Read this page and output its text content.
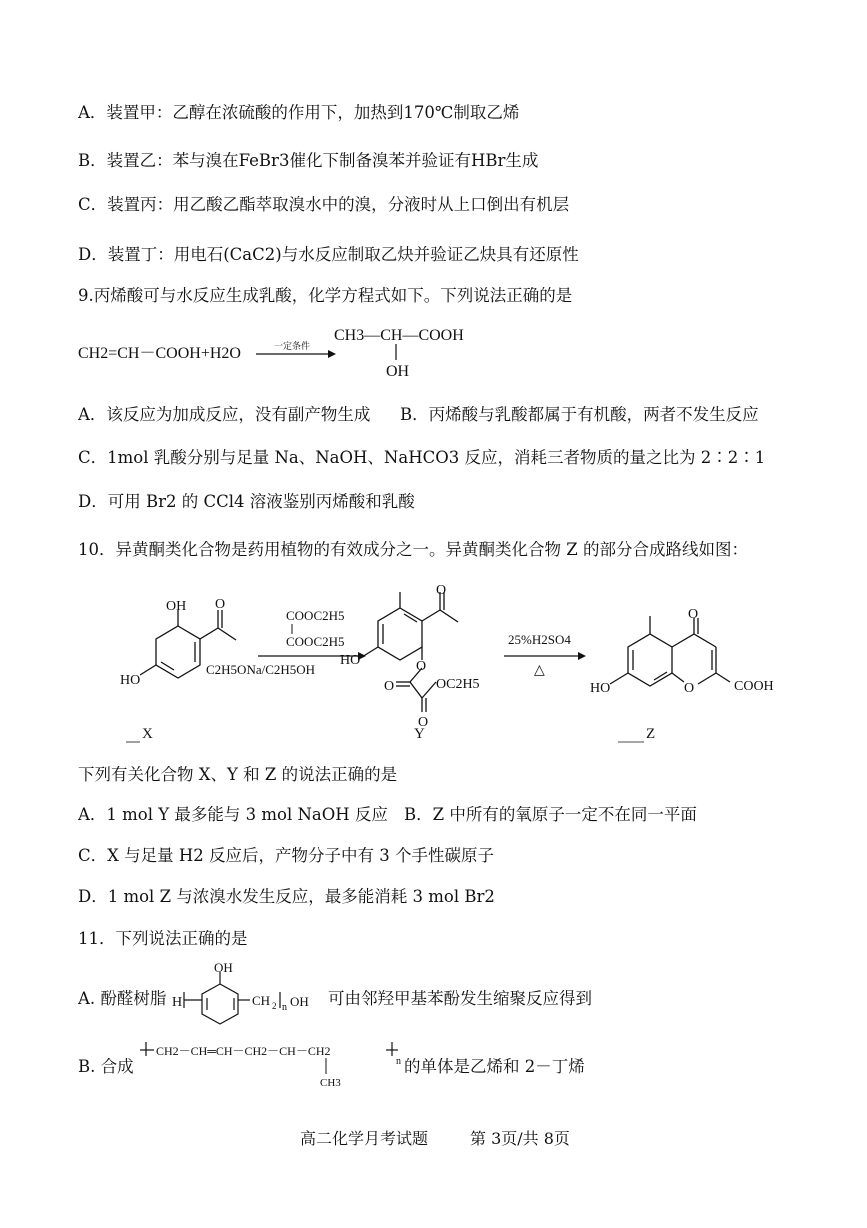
A．装置甲：乙醇在浓硫酸的作用下，加热到170℃制取乙烯
B．装置乙：苯与溴在FeBr3催化下制备溴苯并验证有HBr生成
C．装置丙：用乙酸乙酯萃取溴水中的溴，分液时从上口倒出有机层
D．装置丁：用电石(CaC2)与水反应制取乙炔并验证乙炔具有还原性
9.丙烯酸可与水反应生成乳酸，化学方程式如下。下列说法正确的是
CH2=CH－COOH+H2O	一定条件
CH3—CH—COOH
OH
A．该反应为加成反应，没有副产物生成 B．丙烯酸与乳酸都属于有机酸，两者不发生反应
C．1mol 乳酸分别与足量 Na、NaOH、NaHCO3 反应，消耗三者物质的量之比为 2∶2∶1
D．可用 Br2 的 CCl4 溶液鉴别丙烯酸和乳酸
10．异黄酮类化合物是药用植物的有效成分之一。异黄酮类化合物 Z 的部分合成路线如图：
HO
OH O
COOC2H5
COOC2H5
C2H5ONa/C2H5OH
HO	O
O
O
O
OC2H5
25%H2SO4
△
O
O
HO	COOH
X	Y	Z
下列有关化合物 X、Y 和 Z 的说法正确的是
A．1 mol Y 最多能与 3 mol NaOH 反应 B．Z 中所有的氧原子一定不在同一平面
C．X 与足量 H2 反应后，产物分子中有 3 个手性碳原子
D．1 mol Z 与浓溴水发生反应，最多能消耗 3 mol Br2
11．下列说法正确的是
A. 酚醛树脂 H
OH
CH 2 n OH 可由邻羟甲基苯酚发生缩聚反应得到
B. 合成
CH2－CH═CH－CH2－CH－CH2
CH3
n 的单体是乙烯和 2－丁烯
高二化学月考试题	第 3页/共 8页
